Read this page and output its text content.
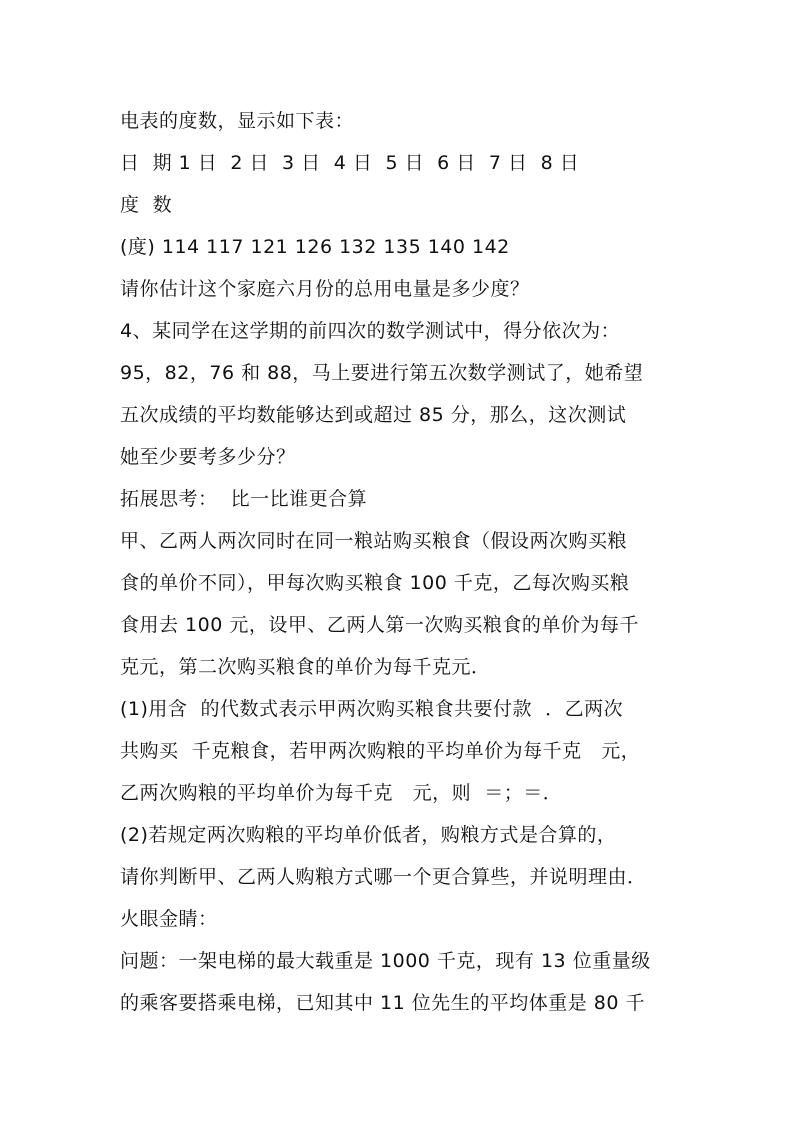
电表的度数，显示如下表：
日  期 1 日  2 日  3 日  4 日  5 日  6 日  7 日  8 日
度  数
(度) 114 117 121 126 132 135 140 142
请你估计这个家庭六月份的总用电量是多少度？
4、某同学在这学期的前四次的数学测试中，得分依次为：
95，82，76 和 88，马上要进行第五次数学测试了，她希望
五次成绩的平均数能够达到或超过 85 分，那么，这次测试
她至少要考多少分？
拓展思考：  比一比谁更合算
甲、乙两人两次同时在同一粮站购买粮食（假设两次购买粮
食的单价不同），甲每次购买粮食 100 千克，乙每次购买粮
食用去 100 元，设甲、乙两人第一次购买粮食的单价为每千
克元，第二次购买粮食的单价为每千克元．
(1)用含  的代数式表示甲两次购买粮食共要付款  ．乙两次
共购买  千克粮食，若甲两次购粮的平均单价为每千克   元，
乙两次购粮的平均单价为每千克   元，则  ＝；＝．
(2)若规定两次购粮的平均单价低者，购粮方式是合算的，
请你判断甲、乙两人购粮方式哪一个更合算些，并说明理由．
火眼金睛：
问题：一架电梯的最大载重是 1000 千克，现有 13 位重量级
的乘客要搭乘电梯，已知其中 11 位先生的平均体重是 80 千
